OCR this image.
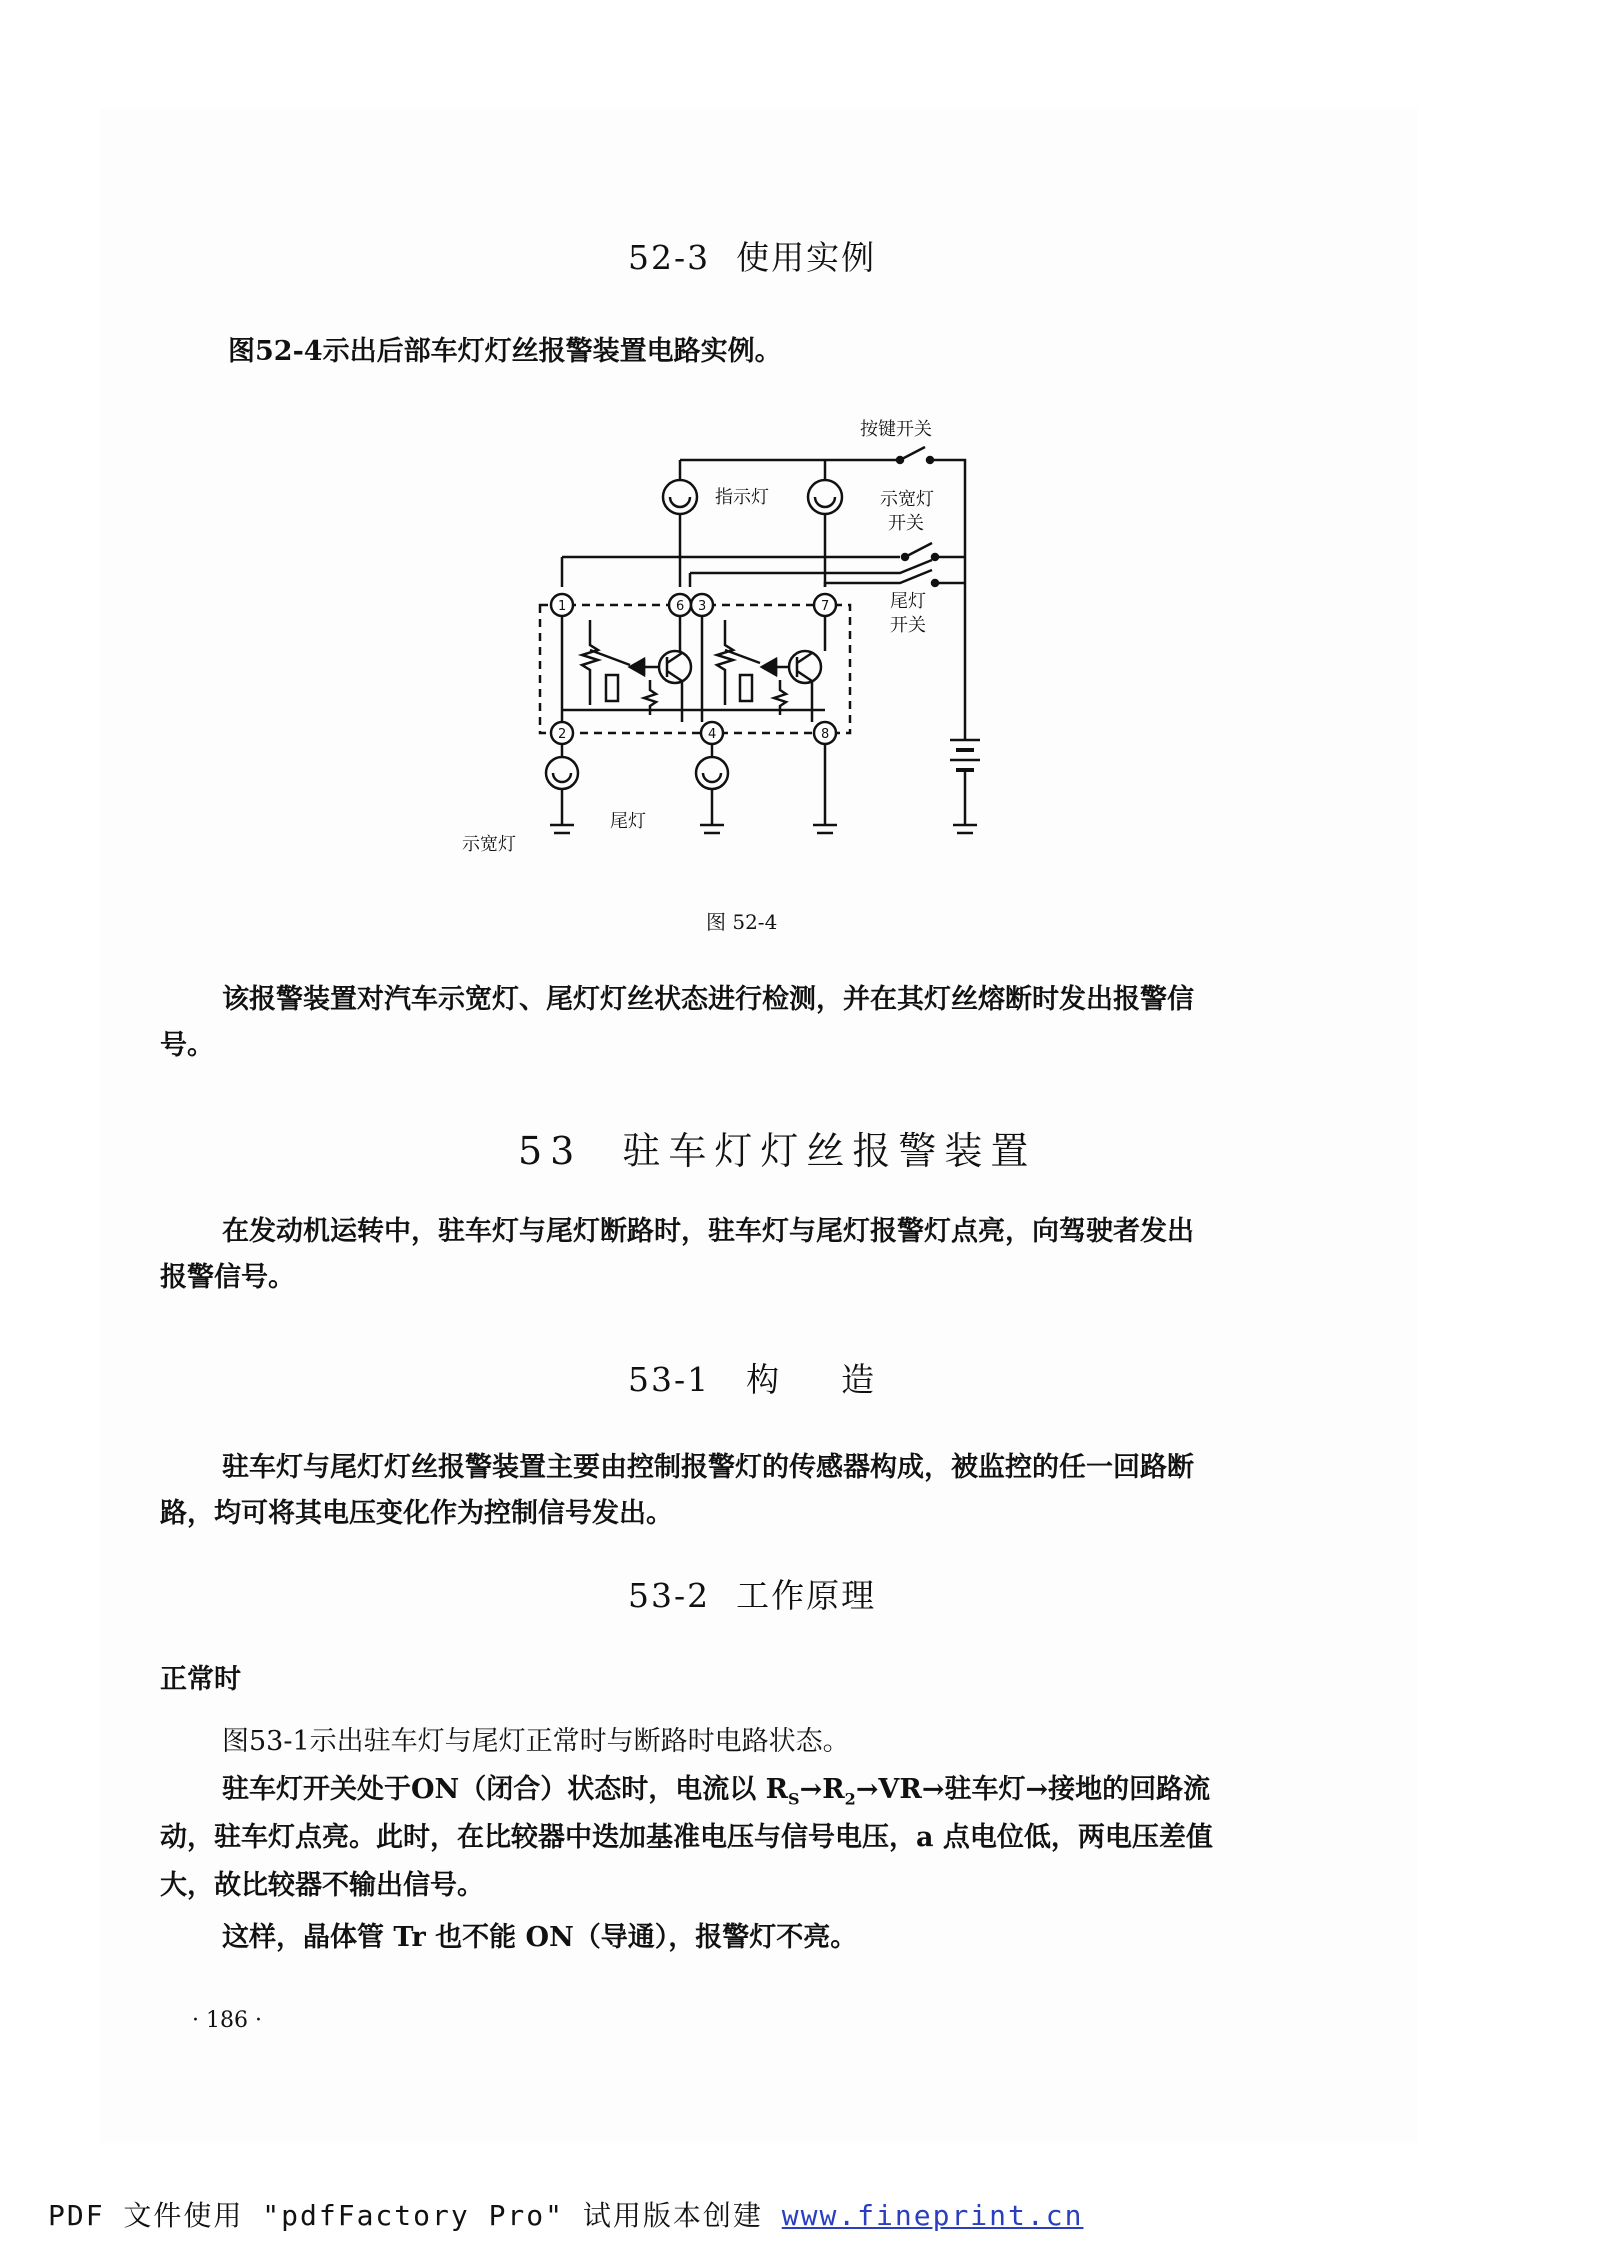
52-3 使用实例
图52-4示出后部车灯灯丝报警装置电路实例。
1
2
3
4
6	7
8
按键开关
指示灯	示宽灯
开关
尾灯
开关
尾灯
示宽灯
图 52-4
该报警装置对汽车示宽灯、尾灯灯丝状态进行检测，并在其灯丝熔断时发出报警信
号。
53 驻车灯灯丝报警装置
在发动机运转中，驻车灯与尾灯断路时，驻车灯与尾灯报警灯点亮，向驾驶者发出
报警信号。
53-1 构 造
驻车灯与尾灯灯丝报警装置主要由控制报警灯的传感器构成，被监控的任一回路断
路，均可将其电压变化作为控制信号发出。
53-2 工作原理
正常时
图53-1示出驻车灯与尾灯正常时与断路时电路状态。
驻车灯开关处于ON（闭合）状态时，电流以 $R_S\to R_2\to VR\to$驻车灯→接地的回路流
动，驻车灯点亮。此时，在比较器中迭加基准电压与信号电压，a 点电位低，两电压差值
大，故比较器不输出信号。
这样，晶体管 Tr 也不能 ON（导通），报警灯不亮。
· 186 ·
PDF 文件使用 "pdfFactory Pro" 试用版本创建 www.fineprint.cn
